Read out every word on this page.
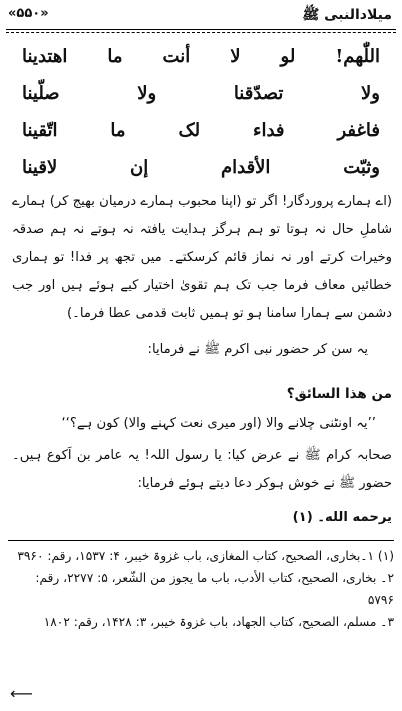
«۵۵۰»	میلادالنبی ﷺ
اللّٰھم!
لو
لا
أنت
ما
اھتدینا
ولا
تصدّقنا
ولا
صلّینا
فاغفر
فداء
لک
ما
اتّقینا
وثبّت
الأقدام
إن
لاقینا
(اے ہمارے پروردگار! اگر تو (اپنا محبوب ہمارے درمیان بھیج کر) ہمارے شاملِ حال نہ ہوتا تو ہم ہرگز ہدایت یافتہ نہ ہوتے نہ ہم صدقہ وخیرات کرتے اور نہ نماز قائم کرسکتے۔ میں تجھ پر فدا! تو ہماری خطائیں معاف فرما جب تک ہم تقویٰ اختیار کیے ہوئے ہیں اور جب دشمن سے ہمارا سامنا ہو تو ہمیں ثابت قدمی عطا فرما۔)
یہ سن کر حضور نبی اکرم ﷺ نے فرمایا:
من هذا السائق؟
’’یہ اونٹنی چلانے والا (اور میری نعت کہنے والا) کون ہے؟‘‘
صحابہ کرام ﷺ نے عرض کیا: یا رسول اللہ! یہ عامر بن اَکوع ہیں۔ حضور ﷺ نے خوش ہوکر دعا دیتے ہوئے فرمایا:
یرحمه الله۔ (۱)

(۱) ۱۔بخاری، الصحیح، کتاب المغازی، باب غزوۃ خیبر، ۴: ۱۵۳۷، رقم: ۳۹۶۰

۲۔ بخاری، الصحیح، کتاب الأدب، باب ما یجوز من الشّعر، ۵: ۲۲۷۷، رقم: ۵۷۹۶

۳۔ مسلم، الصحیح، کتاب الجھاد، باب غزوۃ خیبر، ۳: ۱۴۲۸، رقم: ۱۸۰۲

⟵
